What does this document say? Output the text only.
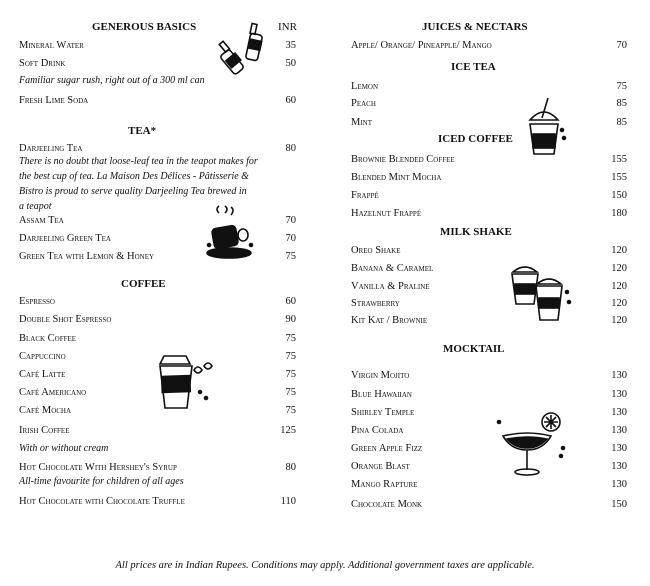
GENEROUS BASICS	INR
Mineral Water	35
Soft Drink	50
Familiar sugar rush, right out of a 300 ml can
Fresh Lime Soda	60
TEA*
Darjeeling Tea	80
There is no doubt that loose-leaf tea in the teapot makes for
the best cup of tea. La Maison Des Délices - Pâtisserie &
Bistro is proud to serve quality Darjeeling Tea brewed in
a teapot
Assam Tea	70
Darjeeling Green Tea	70
Green Tea with Lemon & Honey	75
COFFEE
Espresso	60
Double Shot Espresso	90
Black Coffee	75
Cappuccino	75
Café Latte	75
Café Americano	75
Café Mocha	75
Irish Coffee	125
With or without cream
Hot Chocolate With Hershey's Syrup	80
All-time favourite for children of all ages
Hot Chocolate with Chocolate Truffle	110
JUICES & NECTARS
Apple/ Orange/ Pineapple/ Mango	70
ICE TEA
Lemon	75
Peach	85
Mint	85
ICED COFFEE
Brownie Blended Coffee	155
Blended Mint Mocha	155
Frappé	150
Hazelnut Frappé	180
MILK SHAKE
Oreo Shake	120
Banana & Caramel	120
Vanilla & Praline	120
Strawberry	120
Kit Kat / Brownie	120
MOCKTAIL
Virgin Mojito	130
Blue Hawaiian	130
Shirley Temple	130
Pina Colada	130
Green Apple Fizz	130
Orange Blast	130
Mango Rapture	130
Chocolate Monk	150
All prices are in Indian Rupees. Conditions may apply. Additional government taxes are applicable.
